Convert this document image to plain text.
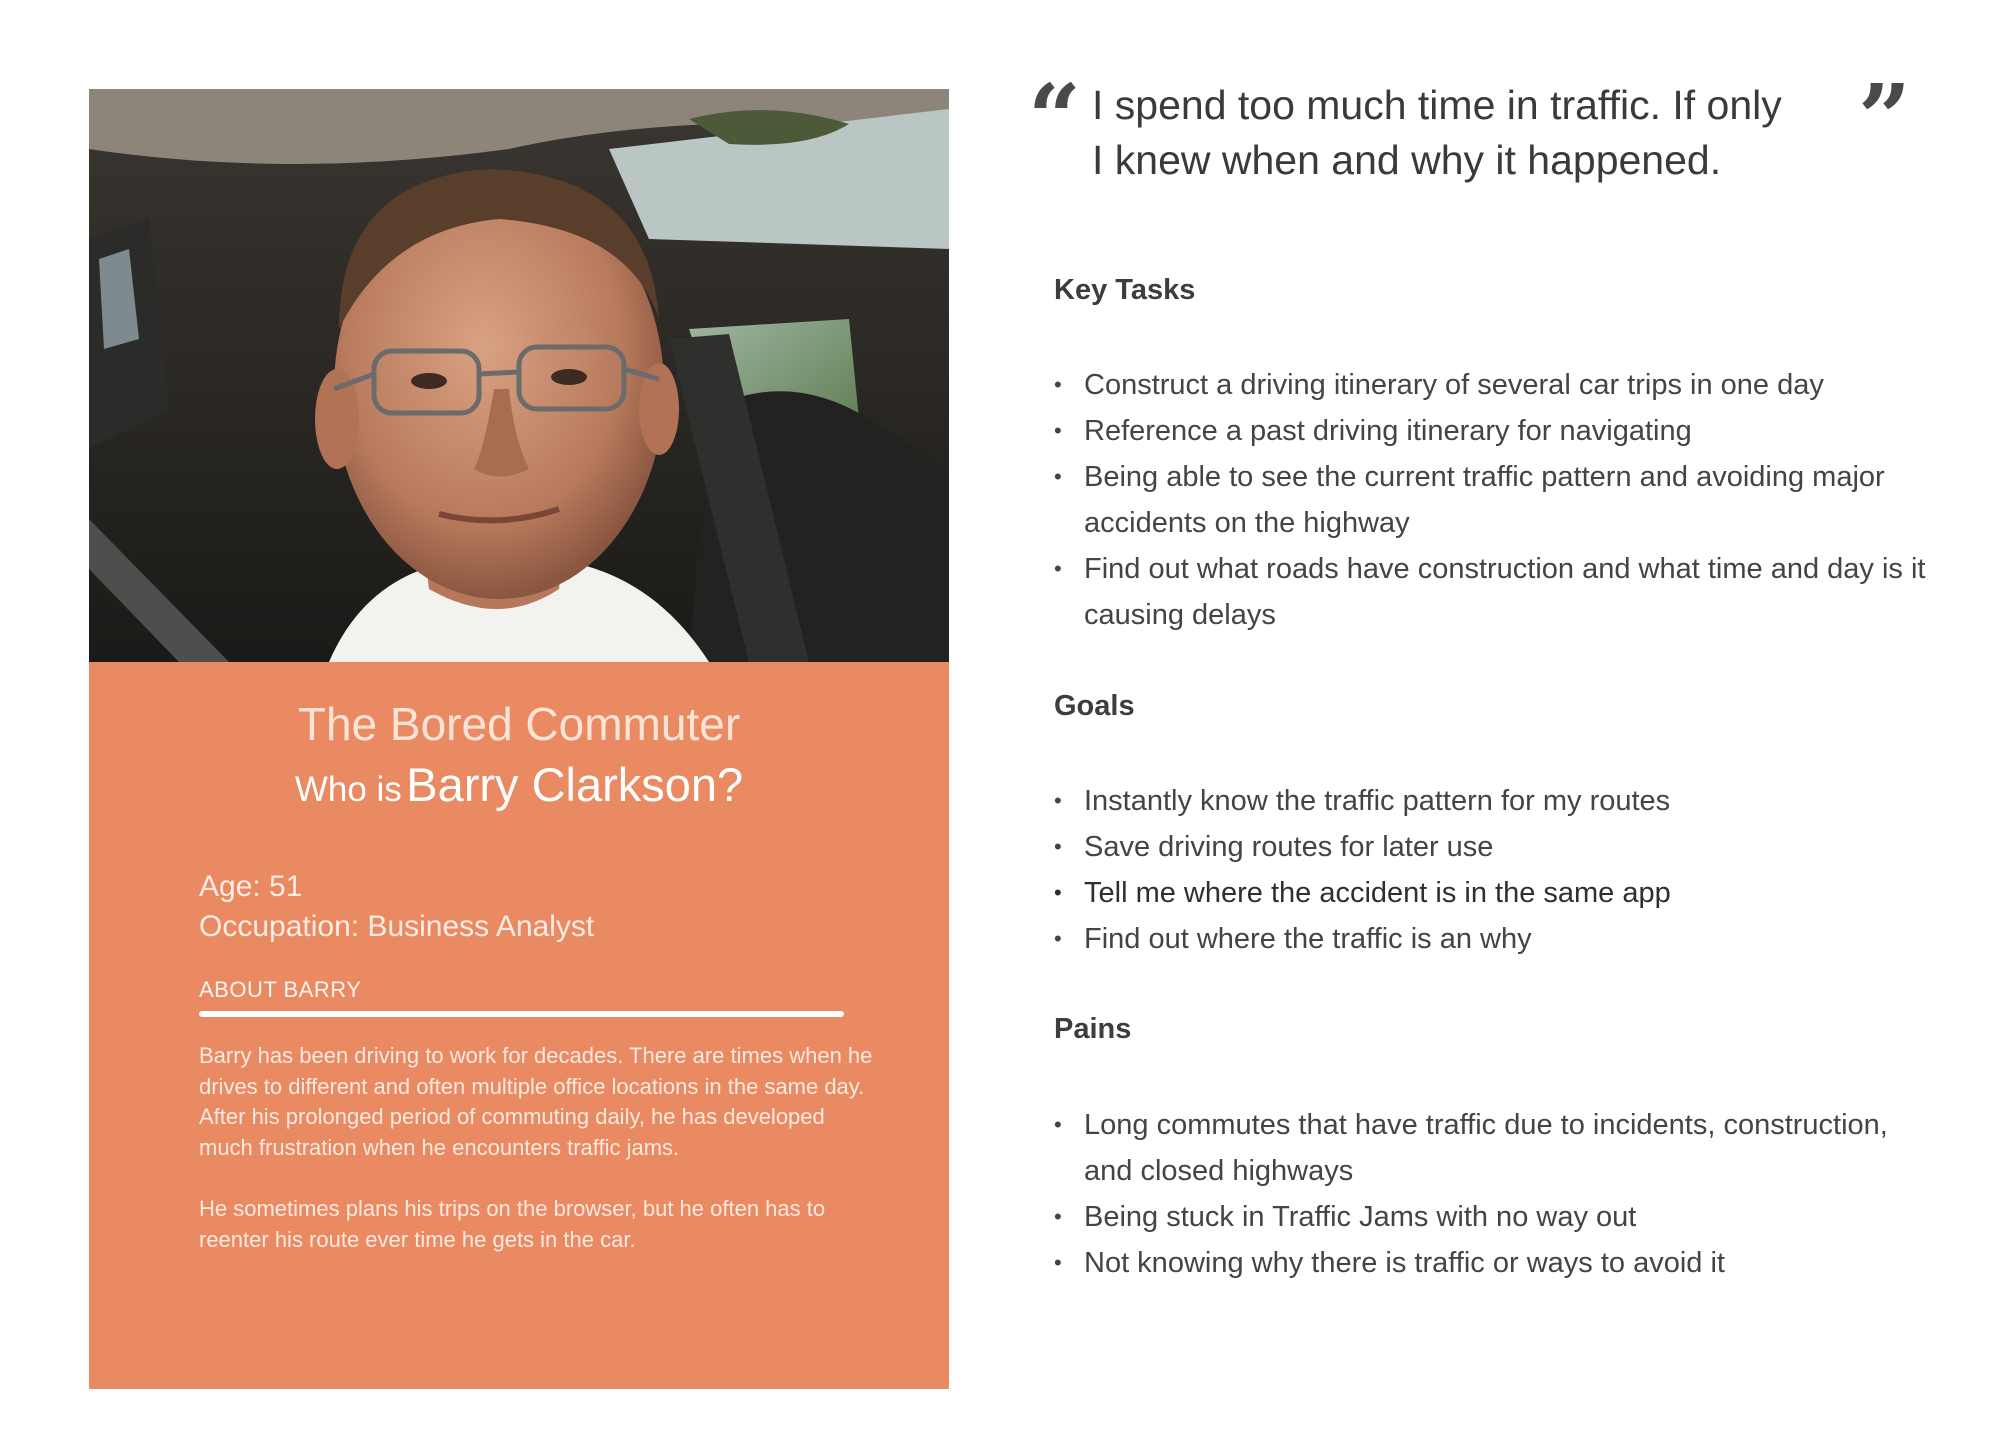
The Bored Commuter
Who is Barry Clarkson?
Age: 51
Occupation: Business Analyst
ABOUT BARRY

Barry has been driving to work for decades. There are times when he drives to different and often multiple office locations in the same day. After his prolonged period of commuting daily, he has developed much frustration when he encounters traffic jams.

He sometimes plans his trips on the browser, but he often has to reenter his route ever time he gets in the car.

“ I spend too much time in traffic. If only
I knew when and why it happened.	”
Key Tasks
• Construct a driving itinerary of several car trips in one day
• Reference a past driving itinerary for navigating
• Being able to see the current traffic pattern and avoiding major accidents on the highway
• Find out what roads have construction and what time and day is it causing delays
Goals
• Instantly know the traffic pattern for my routes
• Save driving routes for later use
• Tell me where the accident is in the same app
• Find out where the traffic is an why
Pains
• Long commutes that have traffic due to incidents, construction, and closed highways
• Being stuck in Traffic Jams with no way out
• Not knowing why there is traffic or ways to avoid it
